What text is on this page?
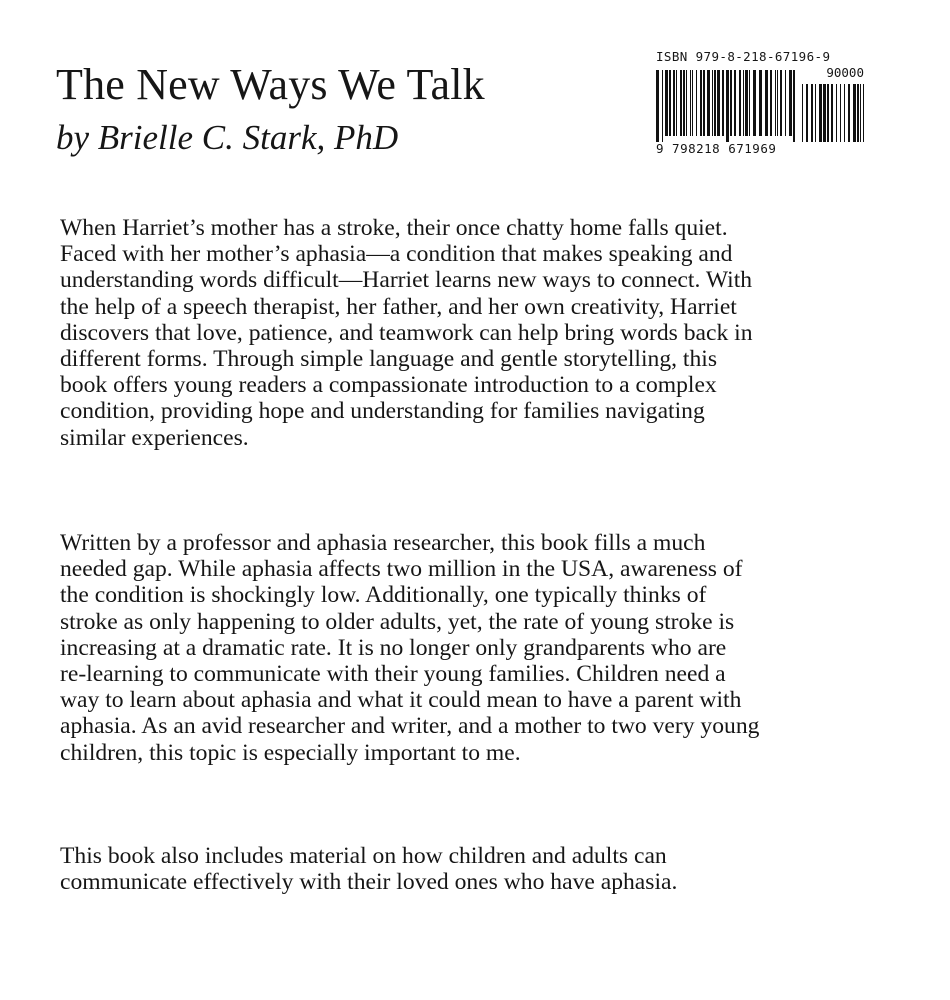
The New Ways We Talk
by Brielle C. Stark, PhD
ISBN 979-8-218-67196-9
90000
9 798218 671969
When Harriet’s mother has a stroke, their once chatty home falls quiet.
Faced with her mother’s aphasia—a condition that makes speaking and
understanding words difficult—Harriet learns new ways to connect. With
the help of a speech therapist, her father, and her own creativity, Harriet
discovers that love, patience, and teamwork can help bring words back in
different forms. Through simple language and gentle storytelling, this
book offers young readers a compassionate introduction to a complex
condition, providing hope and understanding for families navigating
similar experiences.
Written by a professor and aphasia researcher, this book fills a much
needed gap. While aphasia affects two million in the USA, awareness of
the condition is shockingly low. Additionally, one typically thinks of
stroke as only happening to older adults, yet, the rate of young stroke is
increasing at a dramatic rate. It is no longer only grandparents who are
re-learning to communicate with their young families. Children need a
way to learn about aphasia and what it could mean to have a parent with
aphasia. As an avid researcher and writer, and a mother to two very young
children, this topic is especially important to me.
This book also includes material on how children and adults can
communicate effectively with their loved ones who have aphasia.
